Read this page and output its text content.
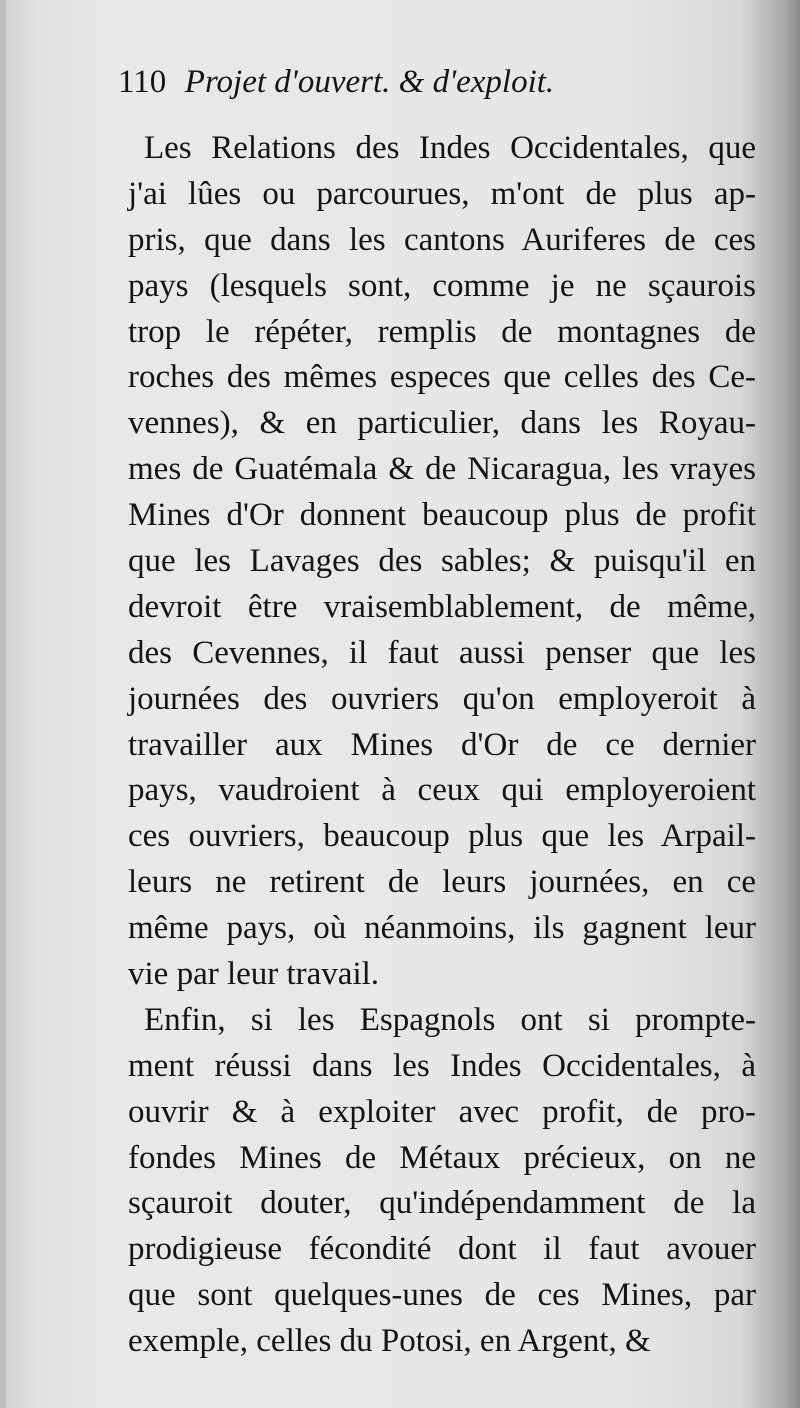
110 Projet d'ouvert. & d'exploit.
Les Relations des Indes Occidentales, que
j'ai lûes ou parcourues, m'ont de plus ap-
pris, que dans les cantons Auriferes de ces
pays (lesquels sont, comme je ne sçaurois
trop le répéter, remplis de montagnes de
roches des mêmes especes que celles des Ce-
vennes), & en particulier, dans les Royau-
mes de Guatémala & de Nicaragua, les vrayes
Mines d'Or donnent beaucoup plus de profit
que les Lavages des sables; & puisqu'il en
devroit être vraisemblablement, de même,
des Cevennes, il faut aussi penser que les
journées des ouvriers qu'on employeroit à
travailler aux Mines d'Or de ce dernier
pays, vaudroient à ceux qui employeroient
ces ouvriers, beaucoup plus que les Arpail-
leurs ne retirent de leurs journées, en ce
même pays, où néanmoins, ils gagnent leur
vie par leur travail.
Enfin, si les Espagnols ont si prompte-
ment réussi dans les Indes Occidentales, à
ouvrir & à exploiter avec profit, de pro-
fondes Mines de Métaux précieux, on ne
sçauroit douter, qu'indépendamment de la
prodigieuse fécondité dont il faut avouer
que sont quelques-unes de ces Mines, par
exemple, celles du Potosi, en Argent, &
